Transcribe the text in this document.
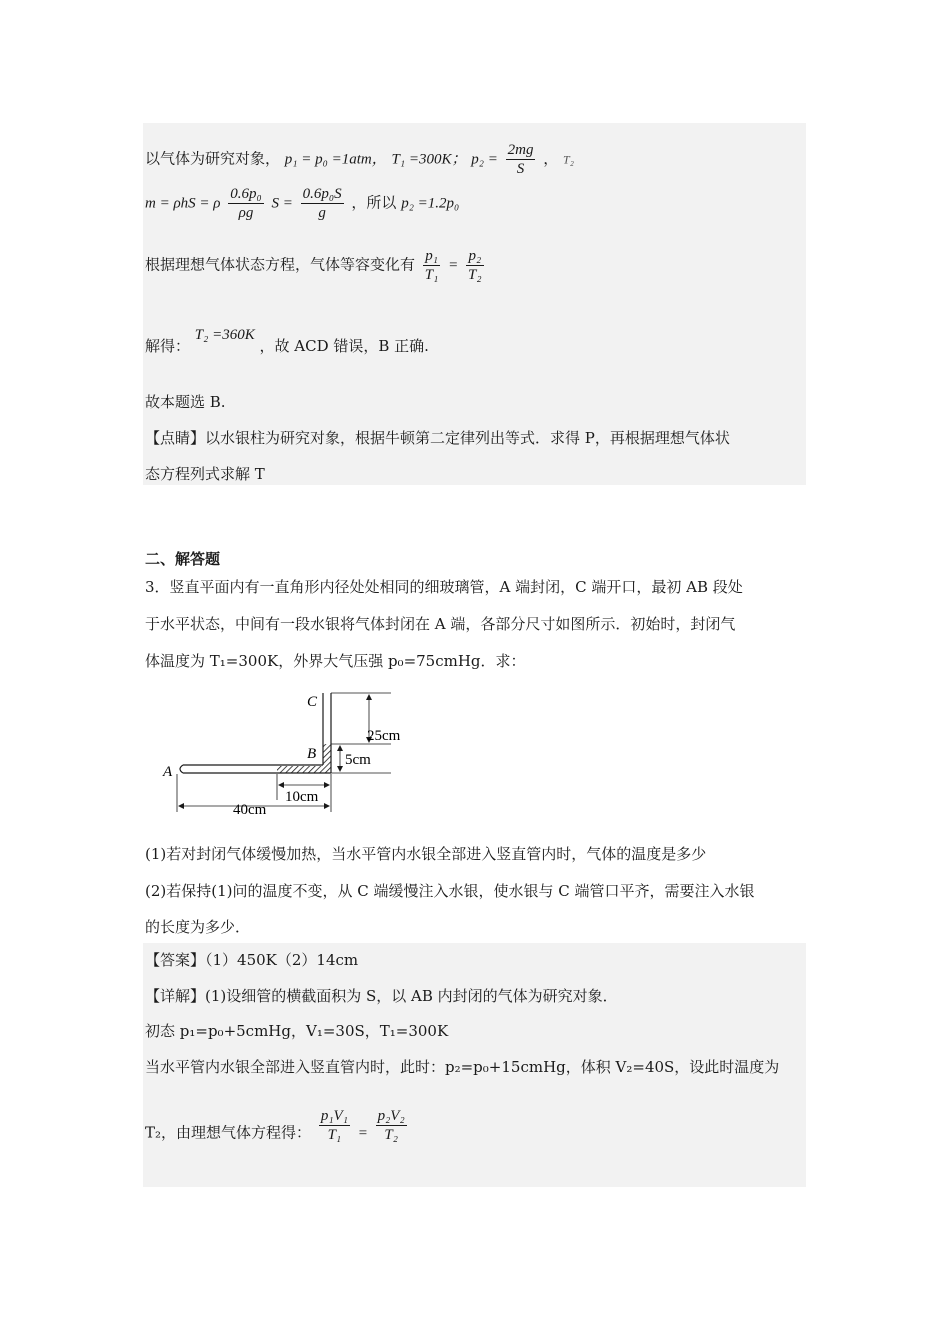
以气体为研究对象， p₁ = p₀ =1atm， T₁ =300K； $p_2 = \frac{2mg}{S}$ ， T₂
m = ρhS = ρ $\frac{\text{0.6p₀}}{\rho g}$ $S = \frac{\text{0.6p₀S}}{g}$ ，所以 p₂ =1.2p₀
根据理想气体状态方程，气体等容变化有 $\frac{\text{p₁}}{\text{T₁}} = \frac{\text{p₂}}{\text{T₂}}$
解得： T₂ =360K ，故 ACD 错误，B 正确.
故本题选 B.
【点睛】以水银柱为研究对象，根据牛顿第二定律列出等式．求得 P，再根据理想气体状
态方程列式求解 T
二、解答题
3．竖直平面内有一直角形内径处处相同的细玻璃管，A 端封闭，C 端开口，最初 AB 段处
于水平状态，中间有一段水银将气体封闭在 A 端，各部分尺寸如图所示．初始时，封闭气
体温度为 T₁=300K，外界大气压强 p₀=75cmHg．求：
A
B
C
25cm
5cm
10cm
40cm
(1)若对封闭气体缓慢加热，当水平管内水银全部进入竖直管内时，气体的温度是多少
(2)若保持(1)问的温度不变，从 C 端缓慢注入水银，使水银与 C 端管口平齐，需要注入水银
的长度为多少．
【答案】（1）450K（2）14cm
【详解】(1)设细管的横截面积为 S，以 AB 内封闭的气体为研究对象．
初态 p₁=p₀+5cmHg，V₁=30S，T₁=300K
当水平管内水银全部进入竖直管内时，此时：p₂=p₀+15cmHg，体积 V₂=40S，设此时温度为
T₂，由理想气体方程得： $\frac{\text{p₁V₁}}{\text{T₁}} = \frac{\text{p₂V₂}}{\text{T₂}}$
